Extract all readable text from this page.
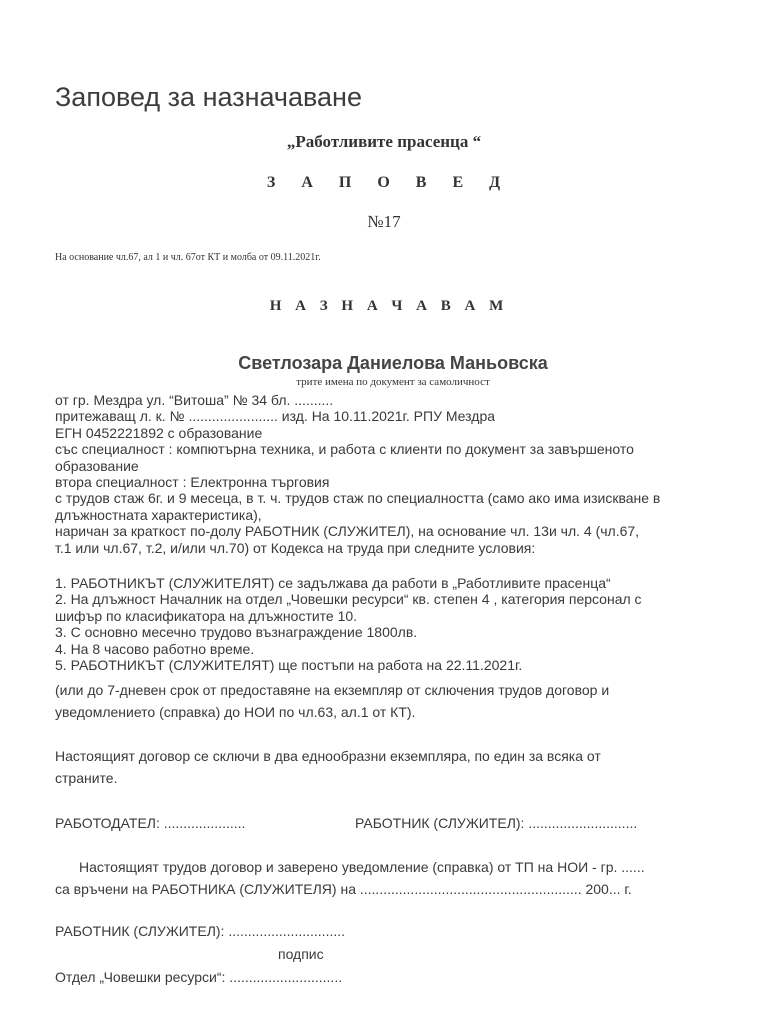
Заповед за назначаване
„Работливите прасенца “
З А П О В Е Д
№17
На основание чл.67, ал 1 и чл. 67от КТ и молба от 09.11.2021г.
Н А З Н А Ч А В А М
Светлозара Даниелова Маньовска
трите имена по документ за самоличност
от гр. Мездра ул. “Витоша” № 34 бл. ..........
притежаващ л. к. № ....................... изд. На 10.11.2021г. РПУ Мездра
ЕГН 0452221892 с образование
със специалност : компютърна техника, и работа с клиенти по документ за завършеното
образование
втора специалност : Електронна търговия
с трудов стаж 6г. и 9 месеца, в т. ч. трудов стаж по специалността (само ако има изискване в
длъжностната характеристика),
наричан за краткост по-долу РАБОТНИК (СЛУЖИТЕЛ), на основание чл. 13и чл. 4 (чл.67,
т.1 или чл.67, т.2, и/или чл.70) от Кодекса на труда при следните условия:
1. РАБОТНИКЪТ (СЛУЖИТЕЛЯТ) се задължава да работи в „Работливите прасенца“
2. На длъжност Началник на отдел „Човешки ресурси“ кв. степен 4 , категория персонал с
шифър по класификатора на длъжностите 10.
3. С основно месечно трудово възнаграждение 1800лв.
4. На 8 часово работно време.
5. РАБОТНИКЪТ (СЛУЖИТЕЛЯТ) ще постъпи на работа на 22.11.2021г.
(или до 7-дневен срок от предоставяне на екземпляр от сключения трудов договор и
уведомлението (справка) до НОИ по чл.63, ал.1 от КТ).
Настоящият договор се сключи в два еднообразни екземпляра, по един за всяка от
страните.
РАБОТОДАТЕЛ: .....................	РАБОТНИК (СЛУЖИТЕЛ): ............................
Настоящият трудов договор и заверено уведомление (справка) от ТП на НОИ - гр. ......
са връчени на РАБОТНИКА (СЛУЖИТЕЛЯ) на ......................................................... 200... г.
РАБОТНИК (СЛУЖИТЕЛ): ..............................
подпис
Отдел „Човешки ресурси“: .............................
